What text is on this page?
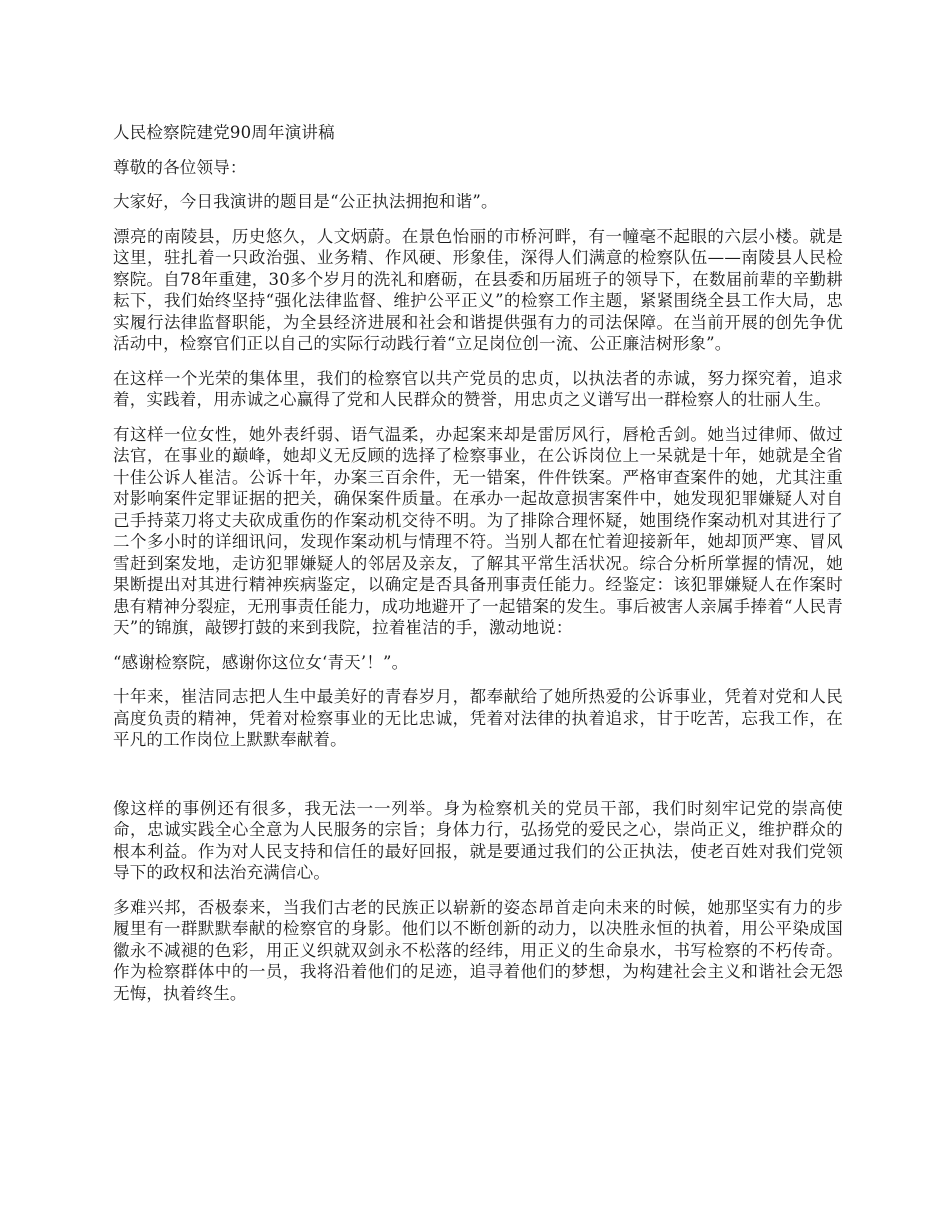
人民检察院建党90周年演讲稿
尊敬的各位领导：
大家好，今日我演讲的题目是“公正执法拥抱和谐”。
漂亮的南陵县，历史悠久，人文炳蔚。在景色怡丽的市桥河畔，有一幢毫不起眼的六层小楼。就是这里，驻扎着一只政治强、业务精、作风硬、形象佳，深得人们满意的检察队伍——南陵县人民检察院。自78年重建，30多个岁月的洗礼和磨砺，在县委和历届班子的领导下，在数届前辈的辛勤耕耘下，我们始终坚持“强化法律监督、维护公平正义”的检察工作主题，紧紧围绕全县工作大局，忠实履行法律监督职能，为全县经济进展和社会和谐提供强有力的司法保障。在当前开展的创先争优活动中，检察官们正以自己的实际行动践行着“立足岗位创一流、公正廉洁树形象”。
在这样一个光荣的集体里，我们的检察官以共产党员的忠贞，以执法者的赤诚，努力探究着，追求着，实践着，用赤诚之心赢得了党和人民群众的赞誉，用忠贞之义谱写出一群检察人的壮丽人生。
有这样一位女性，她外表纤弱、语气温柔，办起案来却是雷厉风行，唇枪舌剑。她当过律师、做过法官，在事业的巅峰，她却义无反顾的选择了检察事业，在公诉岗位上一呆就是十年，她就是全省十佳公诉人崔洁。公诉十年，办案三百余件，无一错案，件件铁案。严格审查案件的她，尤其注重对影响案件定罪证据的把关，确保案件质量。在承办一起故意损害案件中，她发现犯罪嫌疑人对自己手持菜刀将丈夫砍成重伤的作案动机交待不明。为了排除合理怀疑，她围绕作案动机对其进行了二个多小时的详细讯问，发现作案动机与情理不符。当别人都在忙着迎接新年，她却顶严寒、冒风雪赶到案发地，走访犯罪嫌疑人的邻居及亲友，了解其平常生活状况。综合分析所掌握的情况，她果断提出对其进行精神疾病鉴定，以确定是否具备刑事责任能力。经鉴定：该犯罪嫌疑人在作案时患有精神分裂症，无刑事责任能力，成功地避开了一起错案的发生。事后被害人亲属手捧着“人民青天”的锦旗，敲锣打鼓的来到我院，拉着崔洁的手，激动地说：
“感谢检察院，感谢你这位女‘青天’！”。
十年来，崔洁同志把人生中最美好的青春岁月，都奉献给了她所热爱的公诉事业，凭着对党和人民高度负责的精神，凭着对检察事业的无比忠诚，凭着对法律的执着追求，甘于吃苦，忘我工作，在平凡的工作岗位上默默奉献着。
像这样的事例还有很多，我无法一一列举。身为检察机关的党员干部，我们时刻牢记党的崇高使命，忠诚实践全心全意为人民服务的宗旨；身体力行，弘扬党的爱民之心，崇尚正义，维护群众的根本利益。作为对人民支持和信任的最好回报，就是要通过我们的公正执法，使老百姓对我们党领导下的政权和法治充满信心。
多难兴邦，否极泰来，当我们古老的民族正以崭新的姿态昂首走向未来的时候，她那坚实有力的步履里有一群默默奉献的检察官的身影。他们以不断创新的动力，以决胜永恒的执着，用公平染成国徽永不减褪的色彩，用正义织就双剑永不松落的经纬，用正义的生命泉水，书写检察的不朽传奇。作为检察群体中的一员，我将沿着他们的足迹，追寻着他们的梦想，为构建社会主义和谐社会无怨无悔，执着终生。
